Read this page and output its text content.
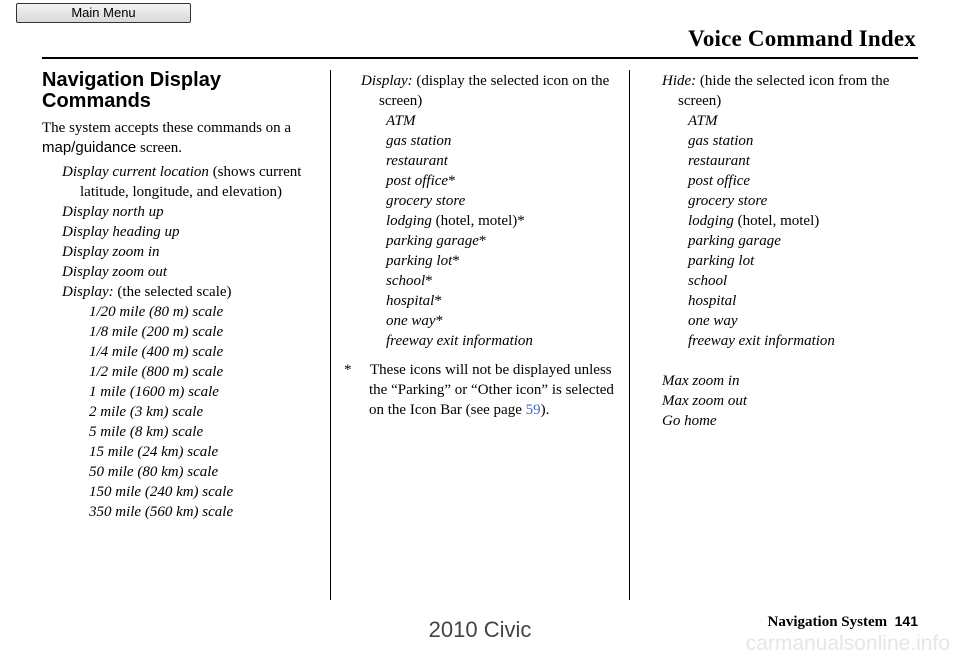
Main Menu
Voice Command Index
Navigation Display Commands

The system accepts these commands on a map/guidance screen.

Display current location (shows current latitude, longitude, and elevation)
Display north up
Display heading up
Display zoom in
Display zoom out
Display: (the selected scale)
1/20 mile (80 m) scale
1/8 mile (200 m) scale
1/4 mile (400 m) scale
1/2 mile (800 m) scale
1 mile (1600 m) scale
2 mile (3 km) scale
5 mile (8 km) scale
15 mile (24 km) scale
50 mile (80 km) scale
150 mile (240 km) scale
350 mile (560 km) scale
Display: (display the selected icon on the screen)
ATM
gas station
restaurant
post office*
grocery store
lodging (hotel, motel)*
parking garage*
parking lot*
school*
hospital*
one way*
freeway exit information
* These icons will not be displayed unless the “Parking” or “Other icon” is selected on the Icon Bar (see page 59).
Hide: (hide the selected icon from the screen)
ATM
gas station
restaurant
post office
grocery store
lodging (hotel, motel)
parking garage
parking lot
school
hospital
one way
freeway exit information
Max zoom in
Max zoom out
Go home
Navigation System 141
2010 Civic
carmanualsonline.info
